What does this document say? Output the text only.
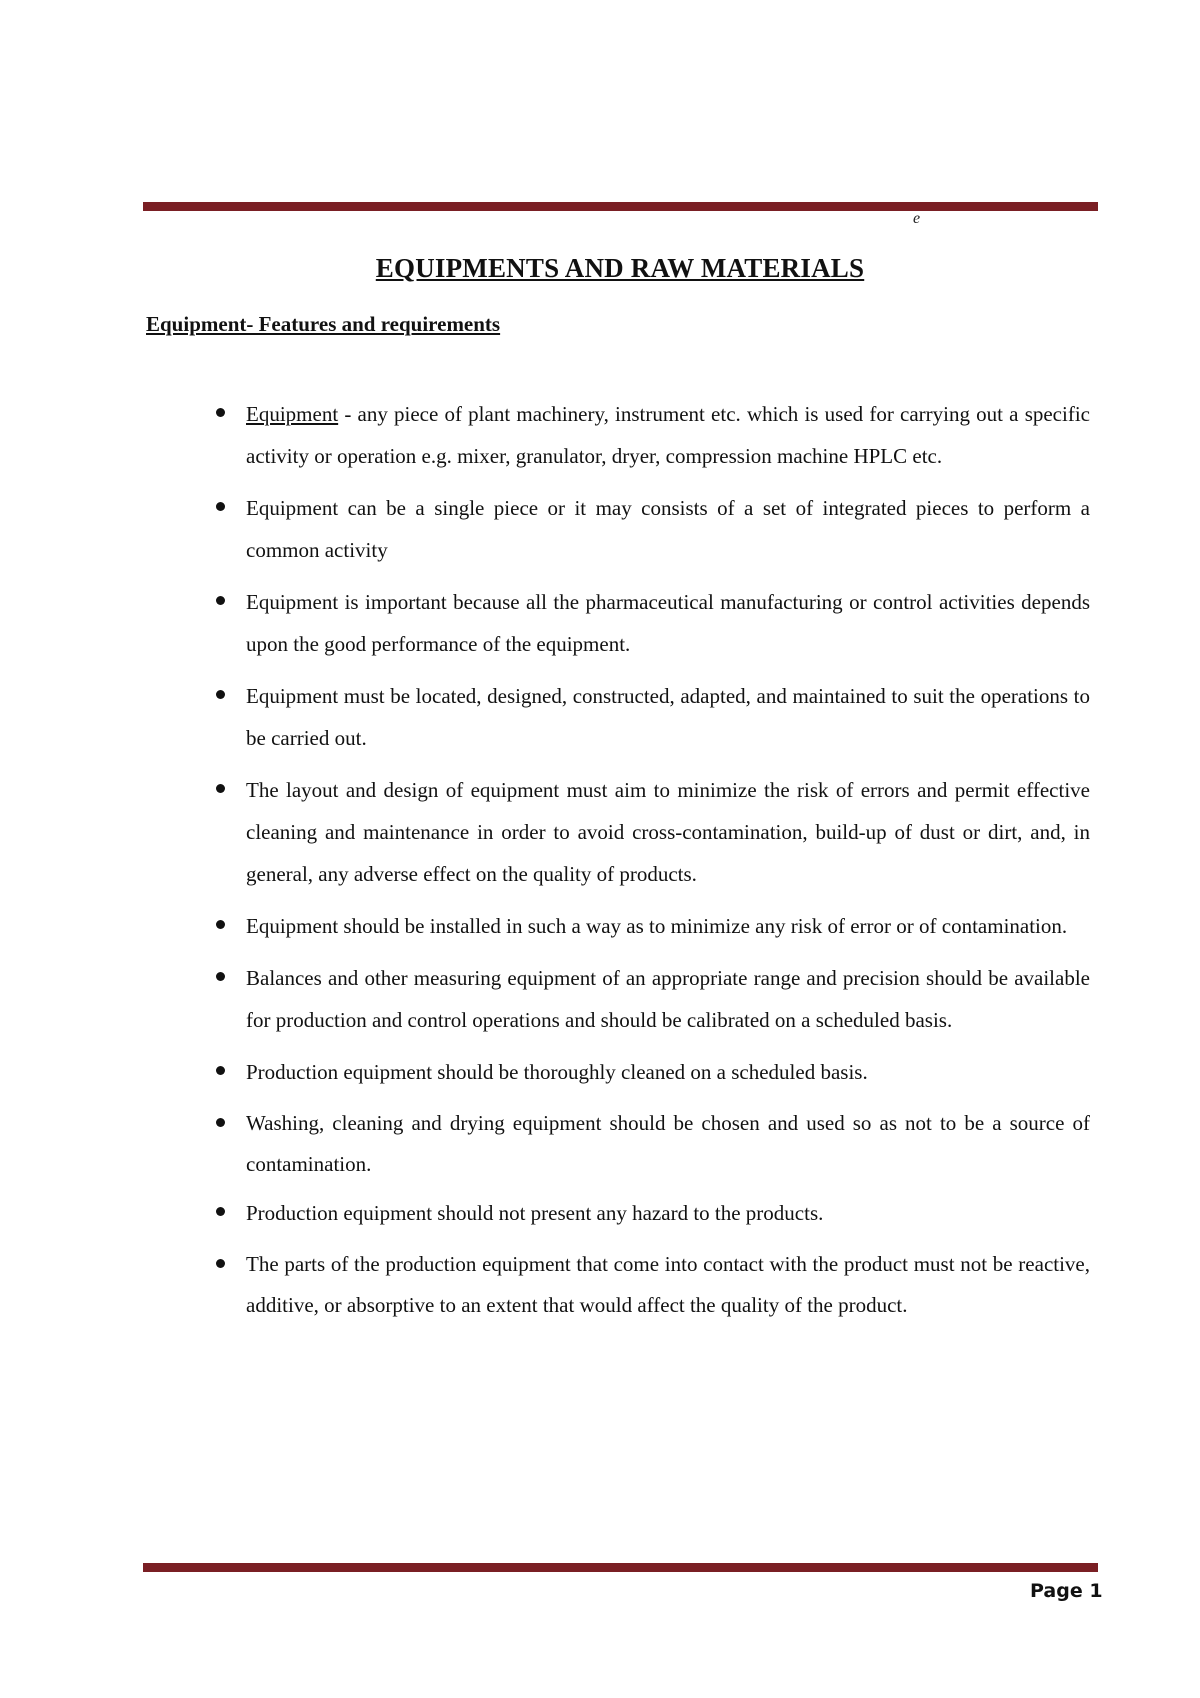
e
EQUIPMENTS AND RAW MATERIALS
Equipment- Features and requirements
Equipment - any piece of plant machinery, instrument etc. which is used for carrying out a specific activity or operation e.g. mixer, granulator, dryer, compression machine HPLC etc.
Equipment can be a single piece or it may consists of a set of integrated pieces to perform a common activity
Equipment is important because all the pharmaceutical manufacturing or control activities depends upon the good performance of the equipment.
Equipment must be located, designed, constructed, adapted, and maintained to suit the operations to be carried out.
The layout and design of equipment must aim to minimize the risk of errors and permit effective cleaning and maintenance in order to avoid cross-contamination, build-up of dust or dirt, and, in general, any adverse effect on the quality of products.
Equipment should be installed in such a way as to minimize any risk of error or of contamination.
Balances and other measuring equipment of an appropriate range and precision should be available for production and control operations and should be calibrated on a scheduled basis.
Production equipment should be thoroughly cleaned on a scheduled basis.
Washing, cleaning and drying equipment should be chosen and used so as not to be a source of contamination.
Production equipment should not present any hazard to the products.
The parts of the production equipment that come into contact with the product must not be reactive, additive, or absorptive to an extent that would affect the quality of the product.
Page 1
